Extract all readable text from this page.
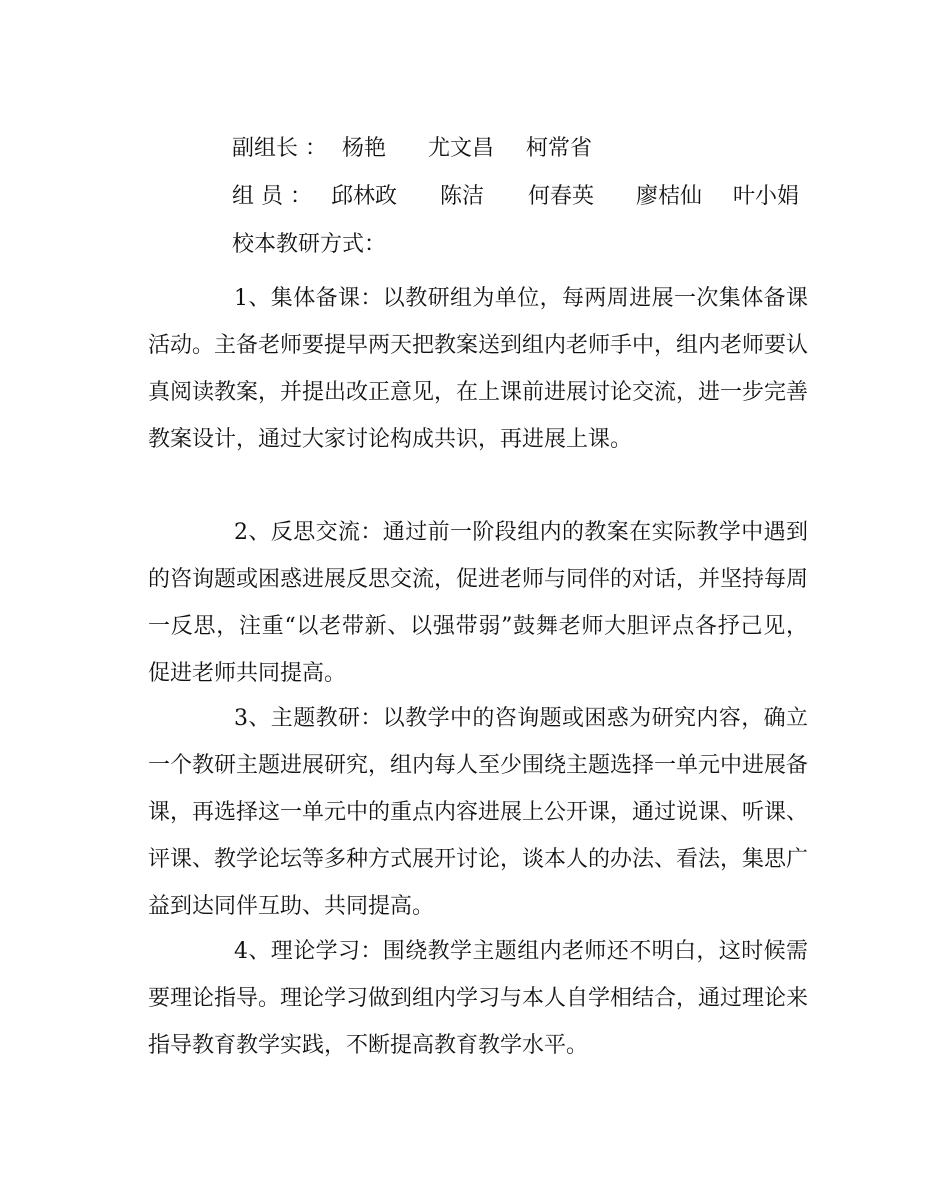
副组长 ： 杨艳 尤文昌 柯常省
组 员 ： 邱林政 陈洁 何春英 廖桔仙 叶小娟
校本教研方式：

1、集体备课：以教研组为单位，每两周进展一次集体备课活动。主备老师要提早两天把教案送到组内老师手中，组内老师要认真阅读教案，并提出改正意见，在上课前进展讨论交流，进一步完善教案设计，通过大家讨论构成共识，再进展上课。

2、反思交流：通过前一阶段组内的教案在实际教学中遇到的咨询题或困惑进展反思交流，促进老师与同伴的对话，并坚持每周一反思，注重“以老带新、以强带弱”鼓舞老师大胆评点各抒己见，促进老师共同提高。

3、主题教研：以教学中的咨询题或困惑为研究内容，确立一个教研主题进展研究，组内每人至少围绕主题选择一单元中进展备课，再选择这一单元中的重点内容进展上公开课，通过说课、听课、评课、教学论坛等多种方式展开讨论，谈本人的办法、看法，集思广益到达同伴互助、共同提高。

4、理论学习：围绕教学主题组内老师还不明白，这时候需要理论指导。理论学习做到组内学习与本人自学相结合，通过理论来指导教育教学实践，不断提高教育教学水平。
